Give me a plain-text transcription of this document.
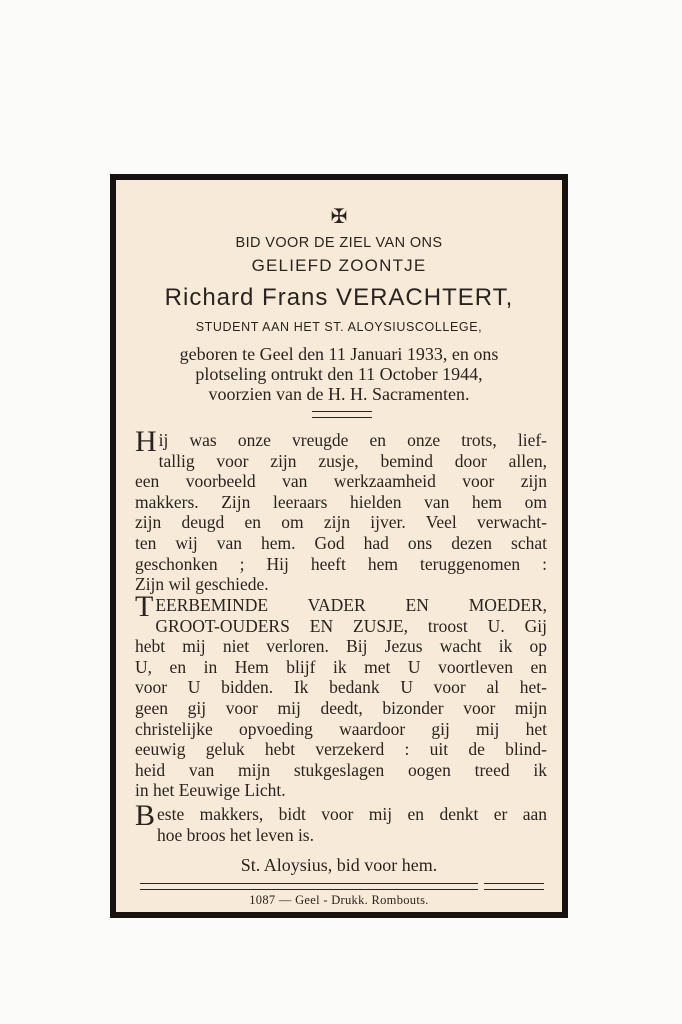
✠
BID VOOR DE ZIEL VAN ONS
GELIEFD ZOONTJE
Richard Frans VERACHTERT,
STUDENT AAN HET ST. ALOYSIUSCOLLEGE,
geboren te Geel den 11 Januari 1933, en ons
plotseling ontrukt den 11 October 1944,
voorzien van de H. H. Sacramenten.
H ij was onze vreugde en onze trots, lief-
tallig voor zijn zusje, bemind door allen,
een voorbeeld van werkzaamheid voor zijn
makkers. Zijn leeraars hielden van hem om
zijn deugd en om zijn ijver. Veel verwacht-
ten wij van hem. God had ons dezen schat
geschonken ; Hij heeft hem teruggenomen :
Zijn wil geschiede.
T EERBEMINDE VADER EN MOEDER,
GROOT-OUDERS EN ZUSJE, troost U. Gij
hebt mij niet verloren. Bij Jezus wacht ik op
U, en in Hem blijf ik met U voortleven en
voor U bidden. Ik bedank U voor al het-
geen gij voor mij deedt, bizonder voor mijn
christelijke opvoeding waardoor gij mij het
eeuwig geluk hebt verzekerd : uit de blind-
heid van mijn stukgeslagen oogen treed ik
in het Eeuwige Licht.
B este makkers, bidt voor mij en denkt er aan
hoe broos het leven is.
St. Aloysius, bid voor hem.
1087 — Geel - Drukk. Rombouts.
